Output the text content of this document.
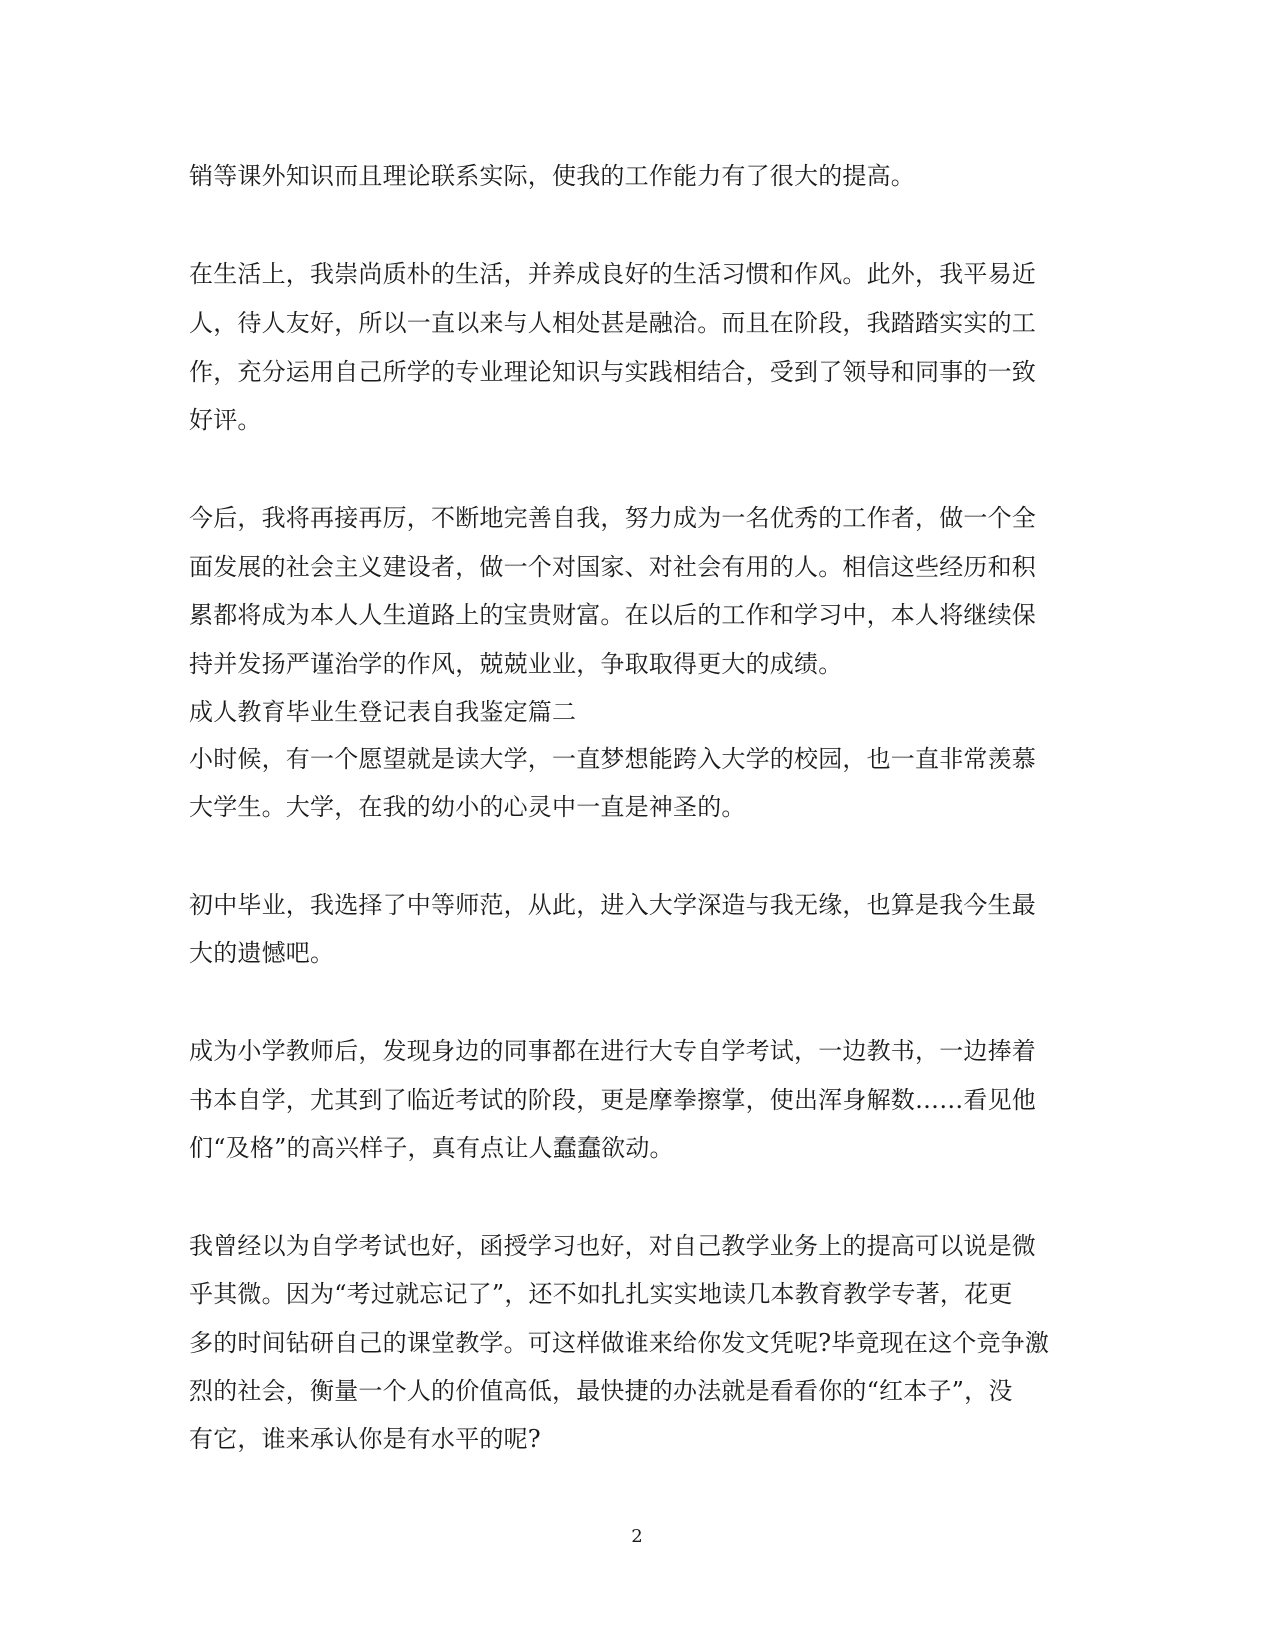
销等课外知识而且理论联系实际，使我的工作能力有了很大的提高。
在生活上，我崇尚质朴的生活，并养成良好的生活习惯和作风。此外，我平易近
人，待人友好，所以一直以来与人相处甚是融洽。而且在阶段，我踏踏实实的工
作，充分运用自己所学的专业理论知识与实践相结合，受到了领导和同事的一致
好评。
今后，我将再接再厉，不断地完善自我，努力成为一名优秀的工作者，做一个全
面发展的社会主义建设者，做一个对国家、对社会有用的人。相信这些经历和积
累都将成为本人人生道路上的宝贵财富。在以后的工作和学习中，本人将继续保
持并发扬严谨治学的作风，兢兢业业，争取取得更大的成绩。
成人教育毕业生登记表自我鉴定篇二
小时候，有一个愿望就是读大学，一直梦想能跨入大学的校园，也一直非常羡慕
大学生。大学，在我的幼小的心灵中一直是神圣的。
初中毕业，我选择了中等师范，从此，进入大学深造与我无缘，也算是我今生最
大的遗憾吧。
成为小学教师后，发现身边的同事都在进行大专自学考试，一边教书，一边捧着
书本自学，尤其到了临近考试的阶段，更是摩拳擦掌，使出浑身解数……看见他
们“及格”的高兴样子，真有点让人蠢蠢欲动。
我曾经以为自学考试也好，函授学习也好，对自己教学业务上的提高可以说是微
乎其微。因为“考过就忘记了”，还不如扎扎实实地读几本教育教学专著，花更
多的时间钻研自己的课堂教学。可这样做谁来给你发文凭呢?毕竟现在这个竞争激
烈的社会，衡量一个人的价值高低，最快捷的办法就是看看你的“红本子”，没
有它，谁来承认你是有水平的呢?
2
